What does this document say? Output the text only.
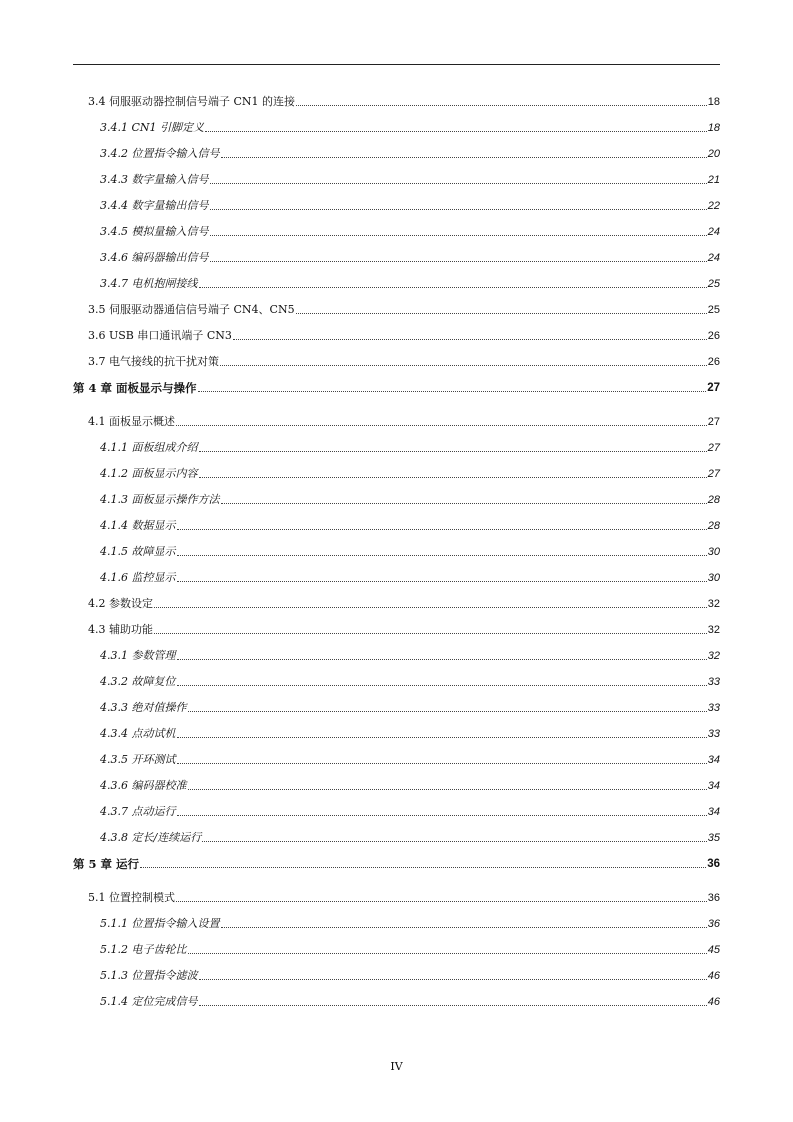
3.4 伺服驱动器控制信号端子 CN1 的连接	18
3.4.1 CN1 引脚定义	18
3.4.2 位置指令输入信号	20
3.4.3 数字量输入信号	21
3.4.4 数字量输出信号	22
3.4.5 模拟量输入信号	24
3.4.6 编码器输出信号	24
3.4.7 电机抱闸接线	25
3.5 伺服驱动器通信信号端子 CN4、CN5	25
3.6 USB 串口通讯端子 CN3	26
3.7 电气接线的抗干扰对策	26
第 4 章 面板显示与操作	27
4.1 面板显示概述	27
4.1.1 面板组成介绍	27
4.1.2 面板显示内容	27
4.1.3 面板显示操作方法	28
4.1.4 数据显示	28
4.1.5 故障显示	30
4.1.6 监控显示	30
4.2 参数设定	32
4.3 辅助功能	32
4.3.1 参数管理	32
4.3.2 故障复位	33
4.3.3 绝对值操作	33
4.3.4 点动试机	33
4.3.5 开环测试	34
4.3.6 编码器校准	34
4.3.7 点动运行	34
4.3.8 定长/连续运行	35
第 5 章 运行	36
5.1 位置控制模式	36
5.1.1 位置指令输入设置	36
5.1.2 电子齿轮比	45
5.1.3 位置指令滤波	46
5.1.4 定位完成信号	46
IV
